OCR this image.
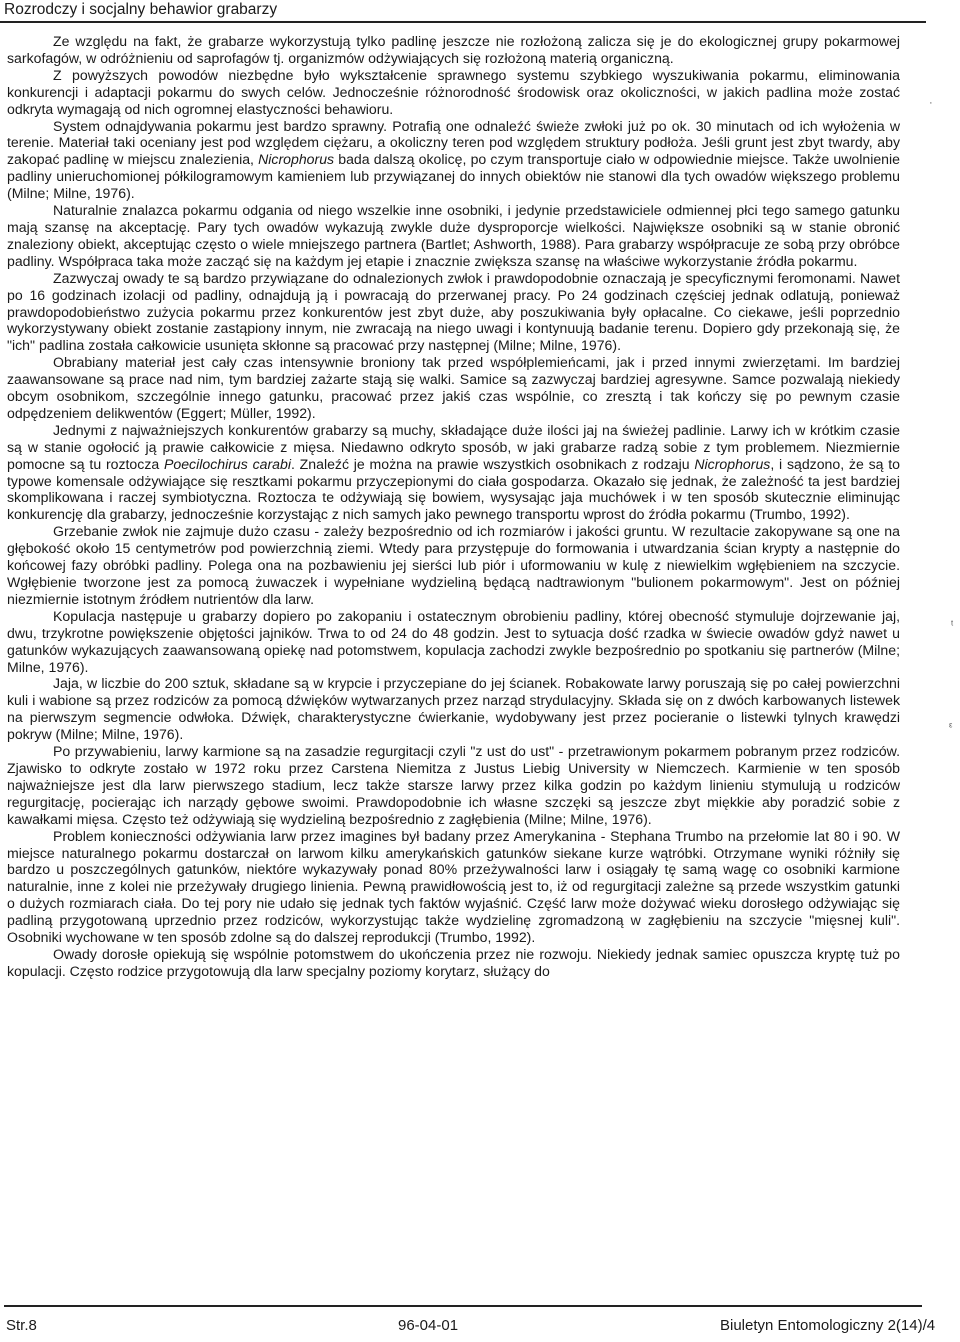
Rozrodczy i socjalny behawior grabarzy

Ze względu na fakt, że grabarze wykorzystują tylko padlinę jeszcze nie rozłożoną zalicza się je do ekologicznej grupy pokarmowej sarkofagów, w odróżnieniu od saprofagów tj. organizmów odżywiających się rozłożoną materią organiczną.

Z powyższych powodów niezbędne było wykształcenie sprawnego systemu szybkiego wyszukiwania pokarmu, eliminowania konkurencji i adaptacji pokarmu do swych celów. Jednocześnie różnorodność środowisk oraz okoliczności, w jakich padlina może zostać odkryta wymagają od nich ogromnej elastyczności behawioru.

System odnajdywania pokarmu jest bardzo sprawny. Potrafią one odnaleźć świeże zwłoki już po ok. 30 minutach od ich wyłożenia w terenie. Materiał taki oceniany jest pod względem ciężaru, a okoliczny teren pod względem struktury podłoża. Jeśli grunt jest zbyt twardy, aby zakopać padlinę w miejscu znalezienia, Nicrophorus bada dalszą okolicę, po czym transportuje ciało w odpowiednie miejsce. Także uwolnienie padliny unieruchomionej półkilogramowym kamieniem lub przywiązanej do innych obiektów nie stanowi dla tych owadów większego problemu (Milne; Milne, 1976).

Naturalnie znalazca pokarmu odgania od niego wszelkie inne osobniki, i jedynie przedstawiciele odmiennej płci tego samego gatunku mają szansę na akceptację. Pary tych owadów wykazują zwykle duże dysproporcje wielkości. Największe osobniki są w stanie obronić znaleziony obiekt, akceptując często o wiele mniejszego partnera (Bartlet; Ashworth, 1988). Para grabarzy współpracuje ze sobą przy obróbce padliny. Współpraca taka może zacząć się na każdym jej etapie i znacznie zwiększa szansę na właściwe wykorzystanie źródła pokarmu.

Zazwyczaj owady te są bardzo przywiązane do odnalezionych zwłok i prawdopodobnie oznaczają je specyficznymi feromonami. Nawet po 16 godzinach izolacji od padliny, odnajdują ją i powracają do przerwanej pracy. Po 24 godzinach częściej jednak odlatują, ponieważ prawdopodobieństwo zużycia pokarmu przez konkurentów jest zbyt duże, aby poszukiwania były opłacalne. Co ciekawe, jeśli poprzednio wykorzystywany obiekt zostanie zastąpiony innym, nie zwracają na niego uwagi i kontynuują badanie terenu. Dopiero gdy przekonają się, że "ich" padlina została całkowicie usunięta skłonne są pracować przy następnej (Milne; Milne, 1976).

Obrabiany materiał jest cały czas intensywnie broniony tak przed współplemieńcami, jak i przed innymi zwierzętami. Im bardziej zaawansowane są prace nad nim, tym bardziej zażarte stają się walki. Samice są zazwyczaj bardziej agresywne. Samce pozwalają niekiedy obcym osobnikom, szczególnie innego gatunku, pracować przez jakiś czas wspólnie, co zresztą i tak kończy się po pewnym czasie odpędzeniem delikwentów (Eggert; Müller, 1992).

Jednymi z najważniejszych konkurentów grabarzy są muchy, składające duże ilości jaj na świeżej padlinie. Larwy ich w krótkim czasie są w stanie ogołocić ją prawie całkowicie z mięsa. Niedawno odkryto sposób, w jaki grabarze radzą sobie z tym problemem. Niezmiernie pomocne są tu roztocza Poecilochirus carabi. Znaleźć je można na prawie wszystkich osobnikach z rodzaju Nicrophorus, i sądzono, że są to typowe komensale odżywiające się resztkami pokarmu przyczepionymi do ciała gospodarza. Okazało się jednak, że zależność ta jest bardziej skomplikowana i raczej symbiotyczna. Roztocza te odżywiają się bowiem, wysysając jaja muchówek i w ten sposób skutecznie eliminując konkurencję dla grabarzy, jednocześnie korzystając z nich samych jako pewnego transportu wprost do źródła pokarmu (Trumbo, 1992).

Grzebanie zwłok nie zajmuje dużo czasu - zależy bezpośrednio od ich rozmiarów i jakości gruntu. W rezultacie zakopywane są one na głębokość około 15 centymetrów pod powierzchnią ziemi. Wtedy para przystępuje do formowania i utwardzania ścian krypty a następnie do końcowej fazy obróbki padliny. Polega ona na pozbawieniu jej sierści lub piór i uformowaniu w kulę z niewielkim wgłębieniem na szczycie. Wgłębienie tworzone jest za pomocą żuwaczek i wypełniane wydzieliną będącą nadtrawionym "bulionem pokarmowym". Jest on później niezmiernie istotnym źródłem nutrientów dla larw.

Kopulacja następuje u grabarzy dopiero po zakopaniu i ostatecznym obrobieniu padliny, której obecność stymuluje dojrzewanie jaj, dwu, trzykrotne powiększenie objętości jajników. Trwa to od 24 do 48 godzin. Jest to sytuacja dość rzadka w świecie owadów gdyż nawet u gatunków wykazujących zaawansowaną opiekę nad potomstwem, kopulacja zachodzi zwykle bezpośrednio po spotkaniu się partnerów (Milne; Milne, 1976).

Jaja, w liczbie do 200 sztuk, składane są w krypcie i przyczepiane do jej ścianek. Robakowate larwy poruszają się po całej powierzchni kuli i wabione są przez rodziców za pomocą dźwięków wytwarzanych przez narząd strydulacyjny. Składa się on z dwóch karbowanych listewek na pierwszym segmencie odwłoka. Dźwięk, charakterystyczne ćwierkanie, wydobywany jest przez pocieranie o listewki tylnych krawędzi pokryw (Milne; Milne, 1976).

Po przywabieniu, larwy karmione są na zasadzie regurgitacji czyli "z ust do ust" - przetrawionym pokarmem pobranym przez rodziców. Zjawisko to odkryte zostało w 1972 roku przez Carstena Niemitza z Justus Liebig University w Niemczech. Karmienie w ten sposób najważniejsze jest dla larw pierwszego stadium, lecz także starsze larwy przez kilka godzin po każdym linieniu stymulują u rodziców regurgitację, pocierając ich narządy gębowe swoimi. Prawdopodobnie ich własne szczęki są jeszcze zbyt miękkie aby poradzić sobie z kawałkami mięsa. Często też odżywiają się wydzieliną bezpośrednio z zagłębienia (Milne; Milne, 1976).

Problem konieczności odżywiania larw przez imagines był badany przez Amerykanina - Stephana Trumbo na przełomie lat 80 i 90. W miejsce naturalnego pokarmu dostarczał on larwom kilku amerykańskich gatunków siekane kurze wątróbki. Otrzymane wyniki różniły się bardzo u poszczególnych gatunków, niektóre wykazywały ponad 80% przeżywalności larw i osiągały tę samą wagę co osobniki karmione naturalnie, inne z kolei nie przeżywały drugiego linienia. Pewną prawidłowością jest to, iż od regurgitacji zależne są przede wszystkim gatunki o dużych rozmiarach ciała. Do tej pory nie udało się jednak tych faktów wyjaśnić. Część larw może dożywać wieku dorosłego odżywiając się padliną przygotowaną uprzednio przez rodziców, wykorzystując także wydzielinę zgromadzoną w zagłębieniu na szczycie "mięsnej kuli". Osobniki wychowane w ten sposób zdolne są do dalszej reprodukcji (Trumbo, 1992).

Owady dorosłe opiekują się wspólnie potomstwem do ukończenia przez nie rozwoju. Niekiedy jednak samiec opuszcza kryptę tuż po kopulacji. Często rodzice przygotowują dla larw specjalny poziomy korytarz, służący do

·
ᵗ
ᵋ
Str.8	96-04-01	Biuletyn Entomologiczny 2(14)/4
